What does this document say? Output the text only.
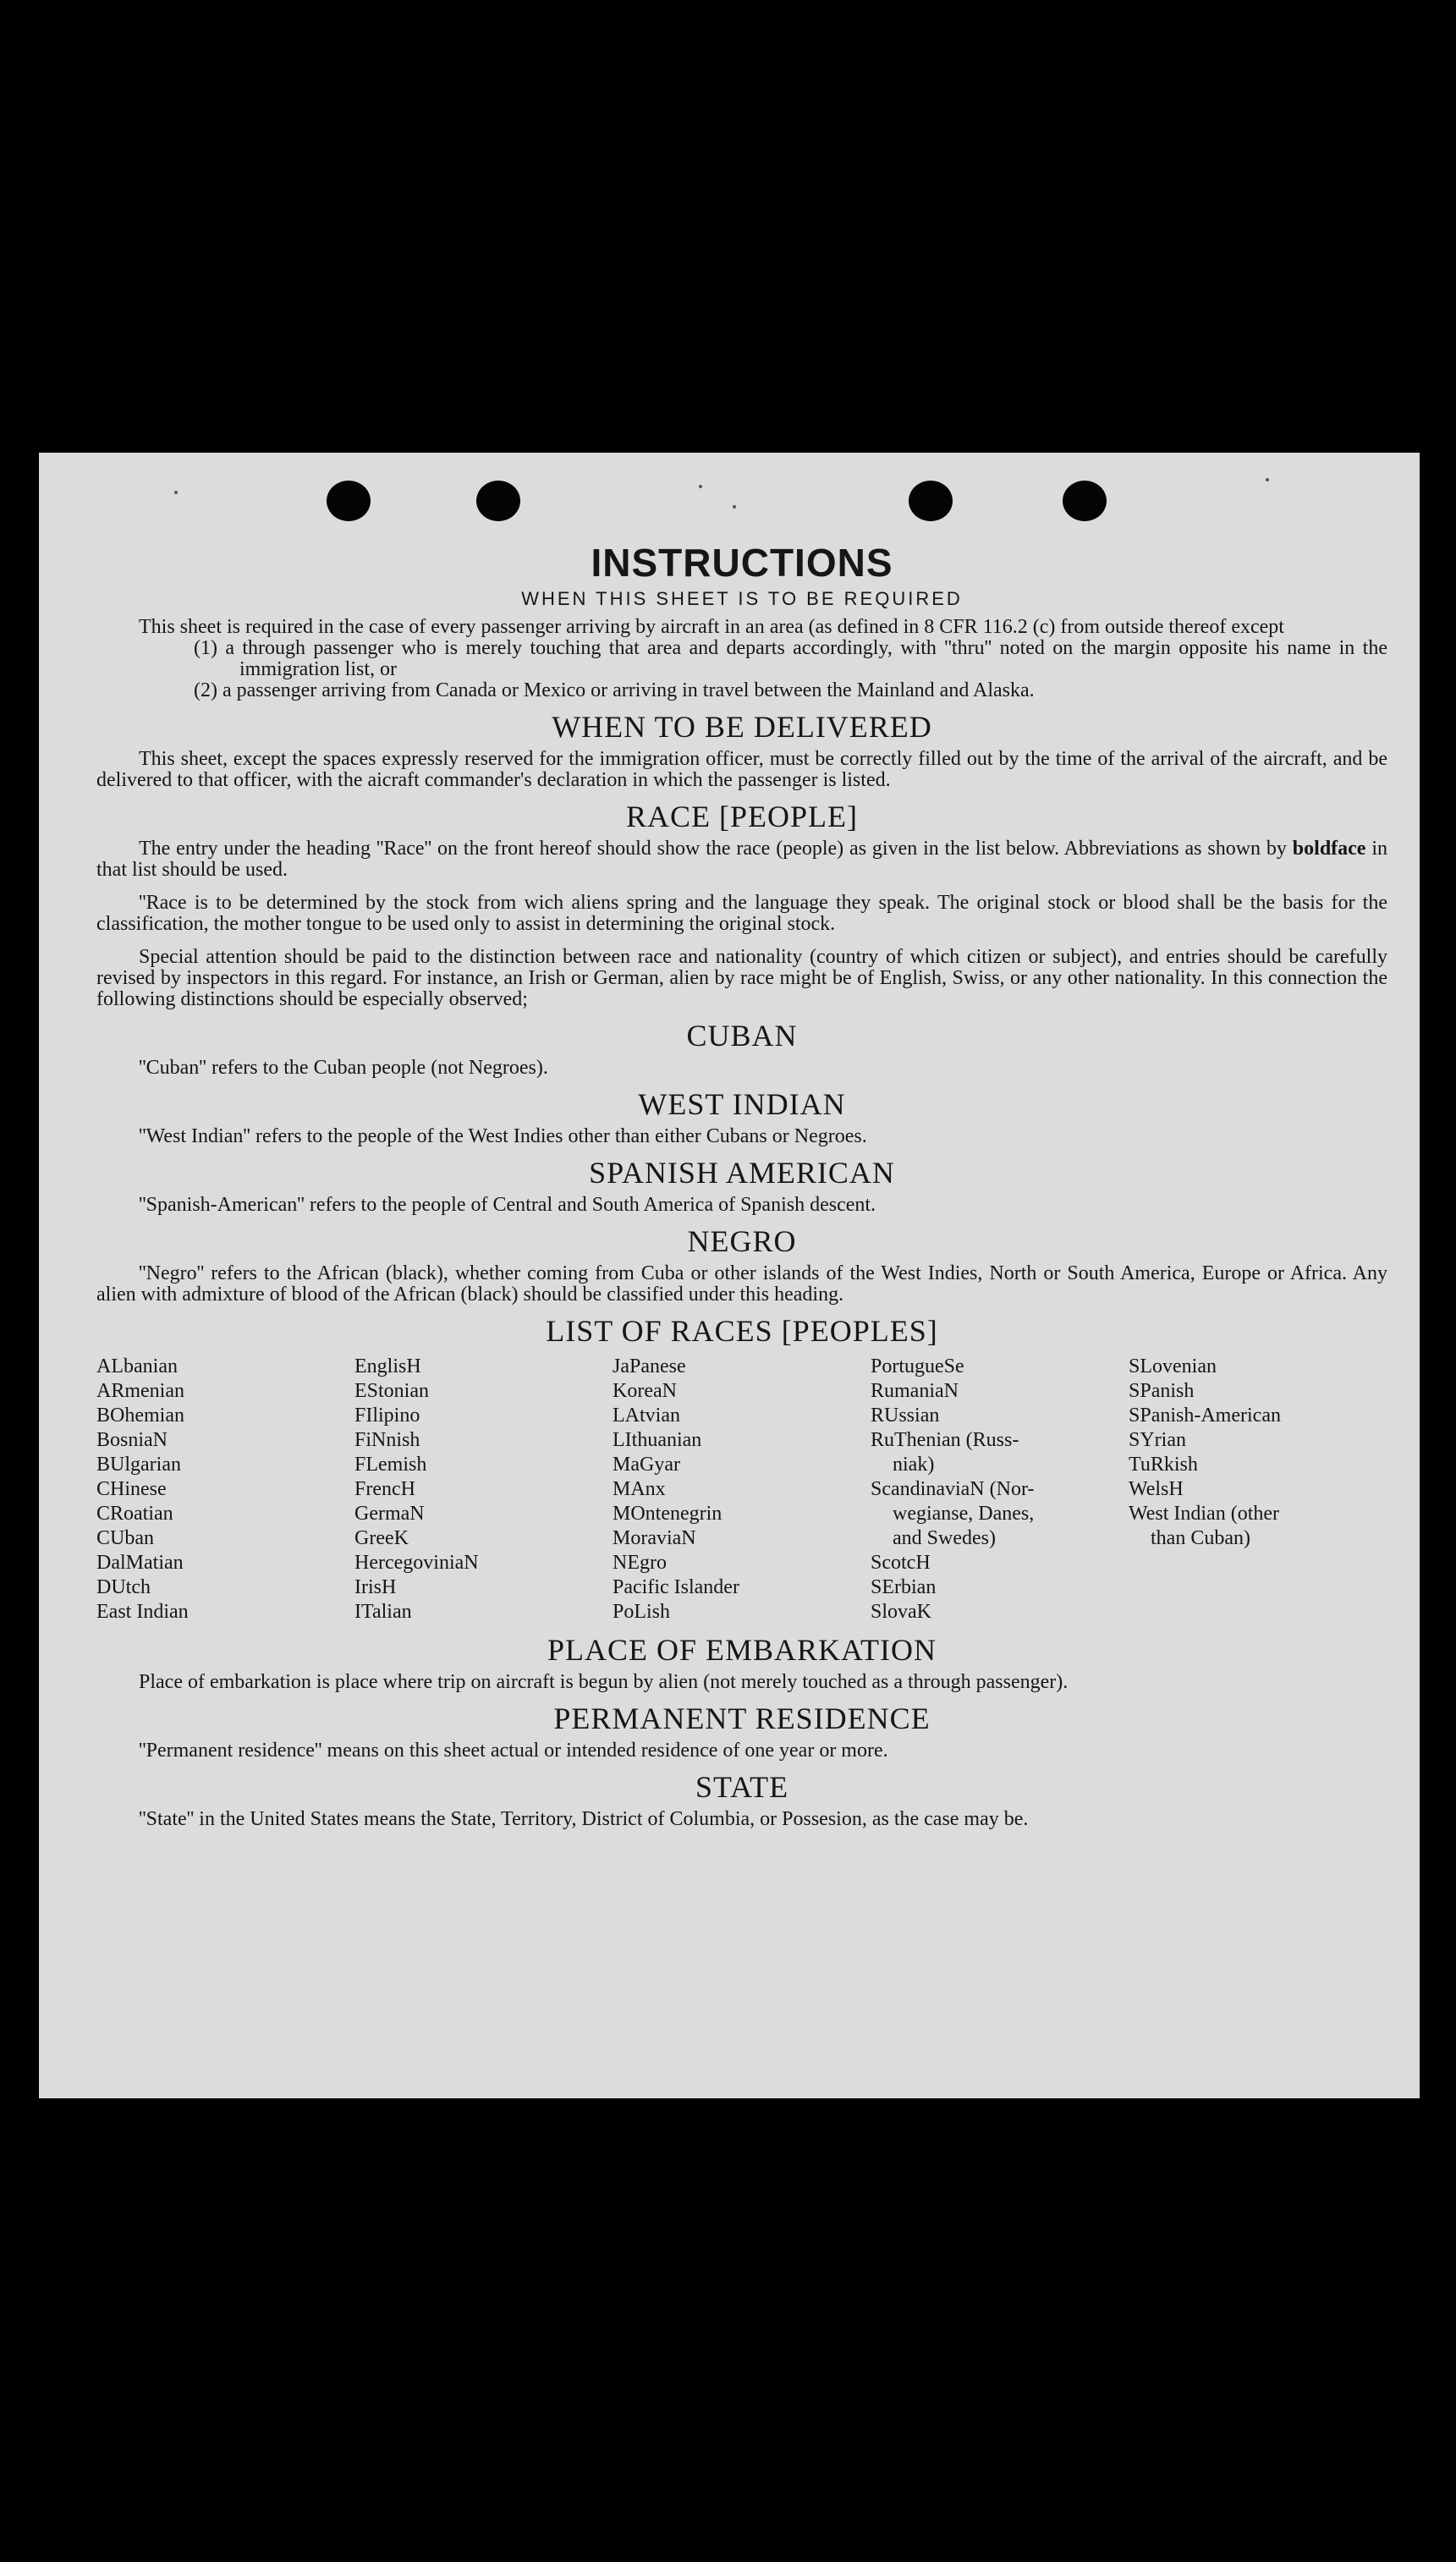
INSTRUCTIONS
WHEN THIS SHEET IS TO BE REQUIRED

This sheet is required in the case of every passenger arriving by aircraft in an area (as defined in 8 CFR 116.2 (c) from outside thereof except

(1) a through passenger who is merely touching that area and departs accordingly, with ''thru'' noted on the margin opposite his name in the immigration list, or
(2) a passenger arriving from Canada or Mexico or arriving in travel between the Mainland and Alaska.
WHEN TO BE DELIVERED

This sheet, except the spaces expressly reserved for the immigration officer, must be correctly filled out by the time of the arrival of the aircraft, and be delivered to that officer, with the aicraft commander's declaration in which the passenger is listed.

RACE [PEOPLE]

The entry under the heading ''Race'' on the front hereof should show the race (people) as given in the list below. Abbreviations as shown by boldface in that list should be used.

''Race is to be determined by the stock from wich aliens spring and the language they speak. The original stock or blood shall be the basis for the classification, the mother tongue to be used only to assist in determining the original stock.

Special attention should be paid to the distinction between race and nationality (country of which citizen or subject), and entries should be carefully revised by inspectors in this regard. For instance, an Irish or German, alien by race might be of English, Swiss, or any other nationality. In this connection the following distinctions should be especially observed;

CUBAN

''Cuban'' refers to the Cuban people (not Negroes).

WEST INDIAN

''West Indian'' refers to the people of the West Indies other than either Cubans or Negroes.

SPANISH AMERICAN

''Spanish-American'' refers to the people of Central and South America of Spanish descent.

NEGRO

''Negro'' refers to the African (black), whether coming from Cuba or other islands of the West Indies, North or South America, Europe or Africa. Any alien with admixture of blood of the African (black) should be classified under this heading.

LIST OF RACES [PEOPLES]
ALbanian
ARmenian
BOhemian
BosniaN
BUlgarian
CHinese
CRoatian
CUban
DalMatian
DUtch
East Indian
EnglisH
EStonian
FIlipino
FiNnish
FLemish
FrencH
GermaN
GreeK
HercegoviniaN
IrisH
ITalian
JaPanese
KoreaN
LAtvian
LIthuanian
MaGyar
MAnx
MOntenegrin
MoraviaN
NEgro
Pacific Islander
PoLish
PortugueSe
RumaniaN
RUssian
RuThenian (Russ-
niak)
ScandinaviaN (Nor-
wegianse, Danes,
and Swedes)
ScotcH
SErbian
SlovaK
SLovenian
SPanish
SPanish-American
SYrian
TuRkish
WelsH
West Indian (other
than Cuban)
PLACE OF EMBARKATION

Place of embarkation is place where trip on aircraft is begun by alien (not merely touched as a through passenger).

PERMANENT RESIDENCE

''Permanent residence'' means on this sheet actual or intended residence of one year or more.

STATE

''State'' in the United States means the State, Territory, District of Columbia, or Possesion, as the case may be.
